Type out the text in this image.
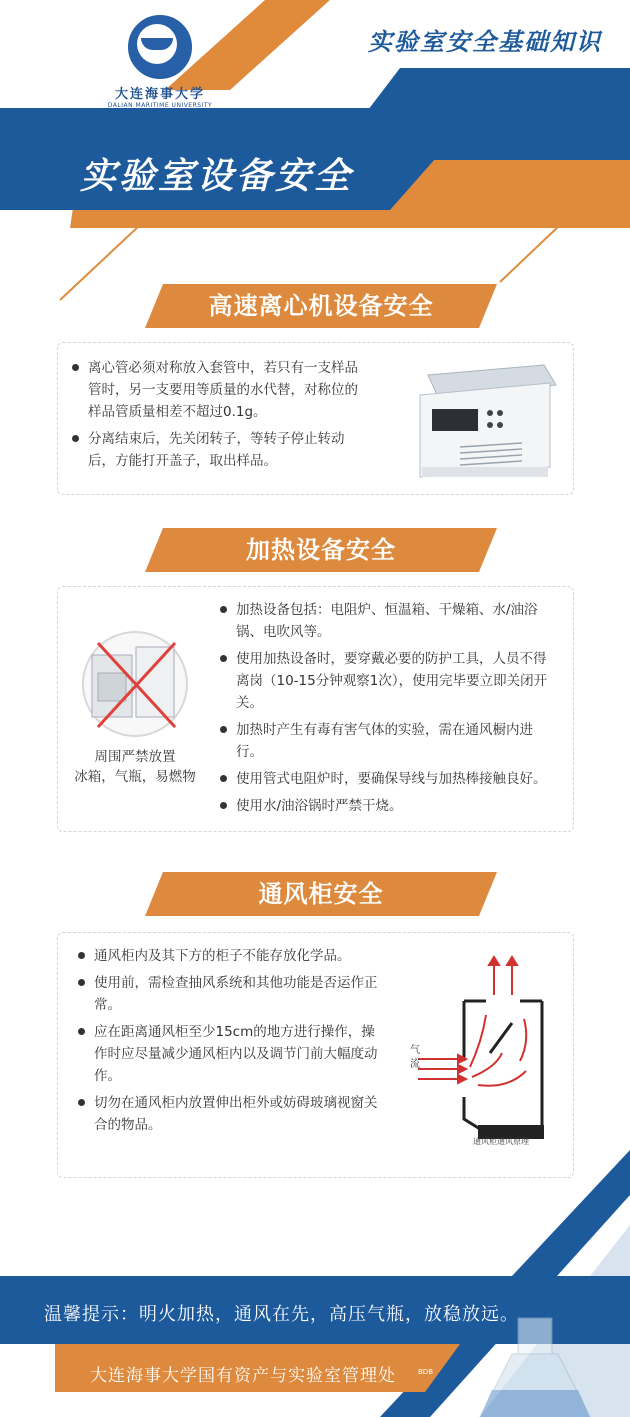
大连海事大学
DALIAN MARITIME UNIVERSITY
实验室安全基础知识
实验室设备安全
高速离心机设备安全
离心管必须对称放入套管中，若只有一支样品管时，另一支要用等质量的水代替，对称位的样品管质量相差不超过0.1g。
分离结束后，先关闭转子，等转子停止转动后，方能打开盖子，取出样品。
加热设备安全
周围严禁放置
冰箱，气瓶，易燃物
加热设备包括：电阻炉、恒温箱、干燥箱、水/油浴锅、电吹风等。
使用加热设备时，要穿戴必要的防护工具，人员不得离岗（10-15分钟观察1次），使用完毕要立即关闭开关。
加热时产生有毒有害气体的实验，需在通风橱内进行。
使用管式电阻炉时，要确保导线与加热棒接触良好。
使用水/油浴锅时严禁干烧。
通风柜安全
通风柜内及其下方的柜子不能存放化学品。
使用前，需检查抽风系统和其他功能是否运作正常。
应在距离通风柜至少15cm的地方进行操作，操作时应尽量减少通风柜内以及调节门前大幅度动作。
切勿在通风柜内放置伸出柜外或妨碍玻璃视窗关合的物品。
气
流
通风柜通风原理
温馨提示：明火加热，通风在先，高压气瓶，放稳放远。
大连海事大学国有资产与实验室管理处	BDB
